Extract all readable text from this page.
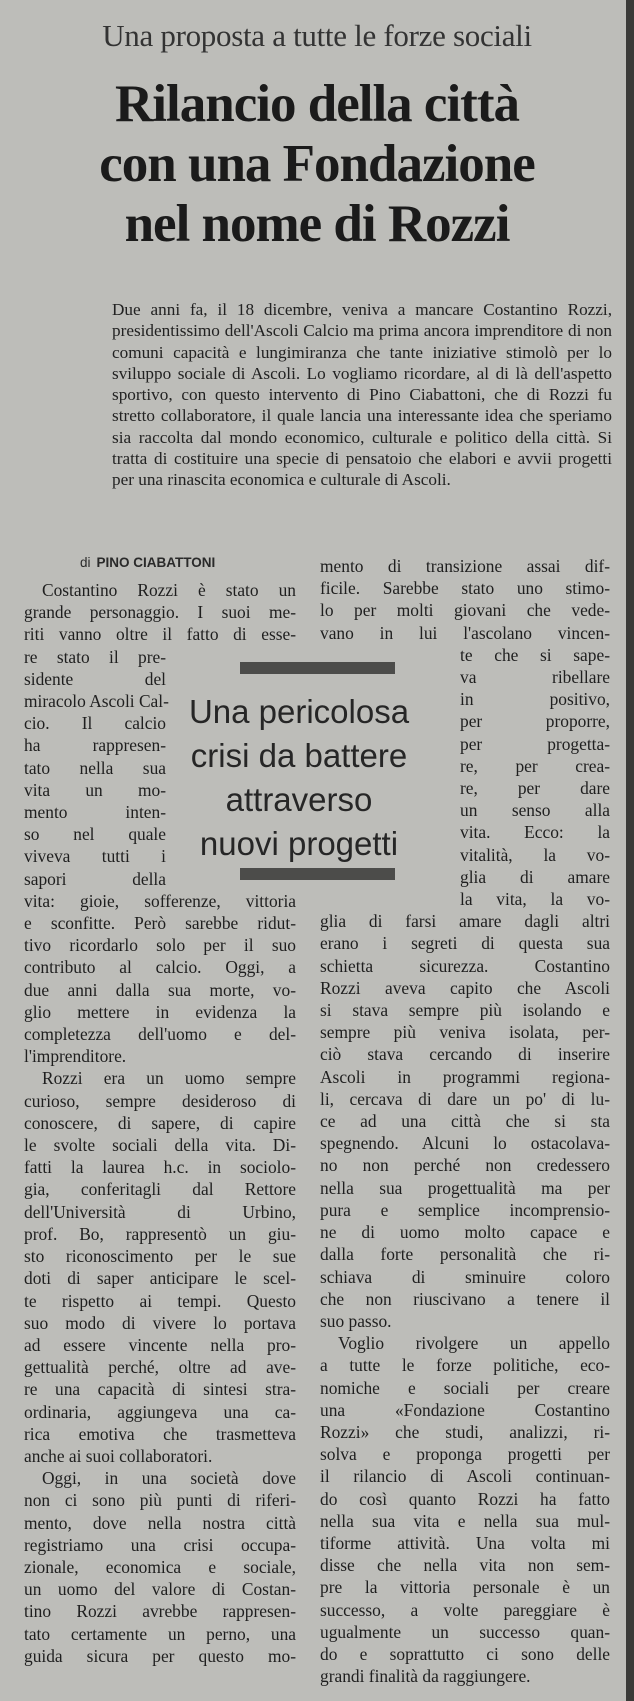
Una proposta a tutte le forze sociali
Rilancio della città
con una Fondazione
nel nome di Rozzi

Due anni fa, il 18 dicembre, veniva a mancare Costantino Rozzi, presidentissimo dell'Ascoli Calcio ma prima ancora imprenditore di non comuni capacità e lungimiranza che tante iniziative stimolò per lo sviluppo sociale di Ascoli. Lo vogliamo ricordare, al di là dell'aspetto sportivo, con questo intervento di Pino Ciabattoni, che di Rozzi fu stretto collaboratore, il quale lancia una interessante idea che speriamo sia raccolta dal mondo economico, culturale e politico della città. Si tratta di costituire una specie di pensatoio che elabori e avvii progetti per una rinascita economica e culturale di Ascoli.

di PINO CIABATTONI
Una pericolosa
crisi da battere
attraverso
nuovi progetti
Costantino Rozzi è stato un
grande personaggio. I suoi me-
riti vanno oltre il fatto di esse-
re stato il pre-
sidente del
miracolo Ascoli Cal-
cio. Il calcio
ha rappresen-
tato nella sua
vita un mo-
mento inten-
so nel quale
viveva tutti i
sapori della
vita: gioie, sofferenze, vittoria
e sconfitte. Però sarebbe ridut-
tivo ricordarlo solo per il suo
contributo al calcio. Oggi, a
due anni dalla sua morte, vo-
glio mettere in evidenza la
completezza dell'uomo e del-
l'imprenditore.
Rozzi era un uomo sempre
curioso, sempre desideroso di
conoscere, di sapere, di capire
le svolte sociali della vita. Di-
fatti la laurea h.c. in sociolo-
gia, conferitagli dal Rettore
dell'Università di Urbino,
prof. Bo, rappresentò un giu-
sto riconoscimento per le sue
doti di saper anticipare le scel-
te rispetto ai tempi. Questo
suo modo di vivere lo portava
ad essere vincente nella pro-
gettualità perché, oltre ad ave-
re una capacità di sintesi stra-
ordinaria, aggiungeva una ca-
rica emotiva che trasmetteva
anche ai suoi collaboratori.
Oggi, in una società dove
non ci sono più punti di riferi-
mento, dove nella nostra città
registriamo una crisi occupa-
zionale, economica e sociale,
un uomo del valore di Costan-
tino Rozzi avrebbe rappresen-
tato certamente un perno, una
guida sicura per questo mo-
mento di transizione assai dif-
ficile. Sarebbe stato uno stimo-
lo per molti giovani che vede-
vano in lui l'ascolano vincen-
te che si sape-
va ribellare
in positivo,
per proporre,
per progetta-
re, per crea-
re, per dare
un senso alla
vita. Ecco: la
vitalità, la vo-
glia di amare
la vita, la vo-
glia di farsi amare dagli altri
erano i segreti di questa sua
schietta sicurezza. Costantino
Rozzi aveva capito che Ascoli
si stava sempre più isolando e
sempre più veniva isolata, per-
ciò stava cercando di inserire
Ascoli in programmi regiona-
li, cercava di dare un po' di lu-
ce ad una città che si sta
spegnendo. Alcuni lo ostacolava-
no non perché non credessero
nella sua progettualità ma per
pura e semplice incomprensio-
ne di uomo molto capace e
dalla forte personalità che ri-
schiava di sminuire coloro
che non riuscivano a tenere il
suo passo.
Voglio rivolgere un appello
a tutte le forze politiche, eco-
nomiche e sociali per creare
una «Fondazione Costantino
Rozzi» che studi, analizzi, ri-
solva e proponga progetti per
il rilancio di Ascoli continuan-
do così quanto Rozzi ha fatto
nella sua vita e nella sua mul-
tiforme attività. Una volta mi
disse che nella vita non sem-
pre la vittoria personale è un
successo, a volte pareggiare è
ugualmente un successo quan-
do e soprattutto ci sono delle
grandi finalità da raggiungere.
